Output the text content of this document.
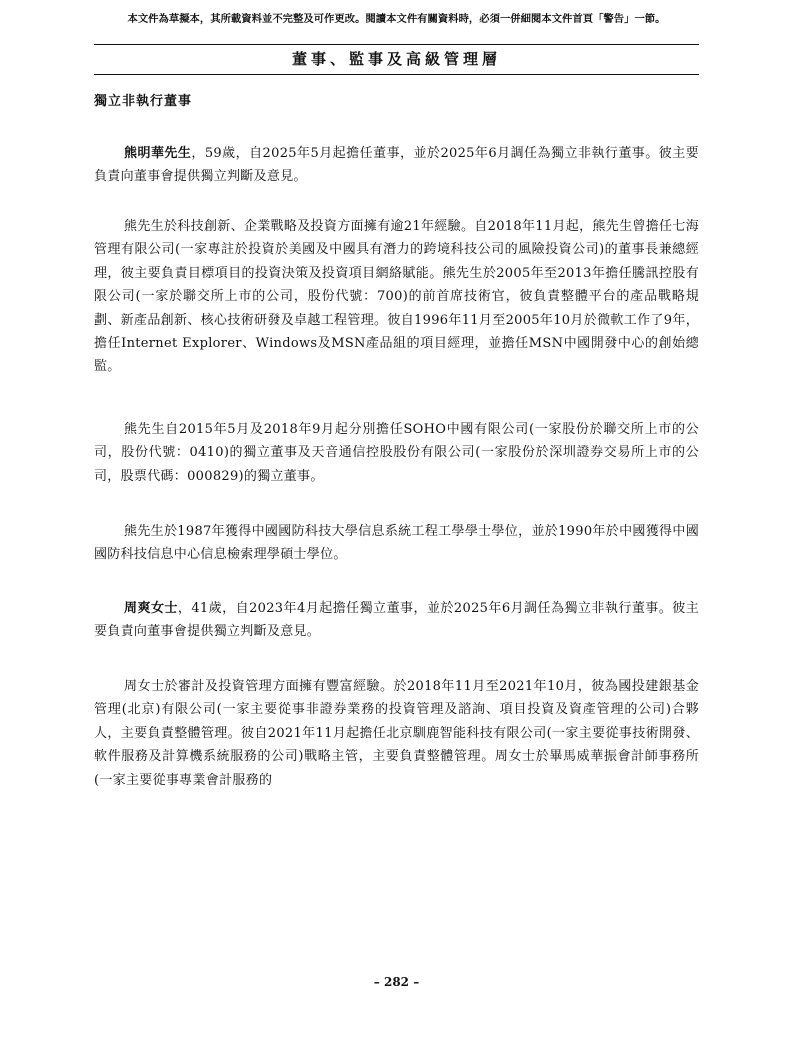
本文件為草擬本，其所載資料並不完整及可作更改。閱讀本文件有關資料時，必須一併細閱本文件首頁「警告」一節。
董事、監事及高級管理層
獨立非執行董事
熊明華先生，59歲，自2025年5月起擔任董事，並於2025年6月調任為獨立非執行董事。彼主要負責向董事會提供獨立判斷及意見。
熊先生於科技創新、企業戰略及投資方面擁有逾21年經驗。自2018年11月起，熊先生曾擔任七海管理有限公司(一家專註於投資於美國及中國具有潛力的跨境科技公司的風險投資公司)的董事長兼總經理，彼主要負責目標項目的投資決策及投資項目網絡賦能。熊先生於2005年至2013年擔任騰訊控股有限公司(一家於聯交所上市的公司，股份代號：700)的前首席技術官，彼負責整體平台的產品戰略規劃、新產品創新、核心技術研發及卓越工程管理。彼自1996年11月至2005年10月於微軟工作了9年，擔任Internet Explorer、Windows及MSN產品組的項目經理，並擔任MSN中國開發中心的創始總監。
熊先生自2015年5月及2018年9月起分別擔任SOHO中國有限公司(一家股份於聯交所上市的公司，股份代號：0410)的獨立董事及天音通信控股股份有限公司(一家股份於深圳證券交易所上市的公司，股票代碼：000829)的獨立董事。
熊先生於1987年獲得中國國防科技大學信息系統工程工學學士學位，並於1990年於中國獲得中國國防科技信息中心信息檢索理學碩士學位。
周爽女士，41歲，自2023年4月起擔任獨立董事，並於2025年6月調任為獨立非執行董事。彼主要負責向董事會提供獨立判斷及意見。
周女士於審計及投資管理方面擁有豐富經驗。於2018年11月至2021年10月，彼為國投建銀基金管理(北京)有限公司(一家主要從事非證券業務的投資管理及諮詢、項目投資及資產管理的公司)合夥人，主要負責整體管理。彼自2021年11月起擔任北京馴鹿智能科技有限公司(一家主要從事技術開發、軟件服務及計算機系統服務的公司)戰略主管，主要負責整體管理。周女士於畢馬威華振會計師事務所(一家主要從事專業會計服務的
– 282 –
